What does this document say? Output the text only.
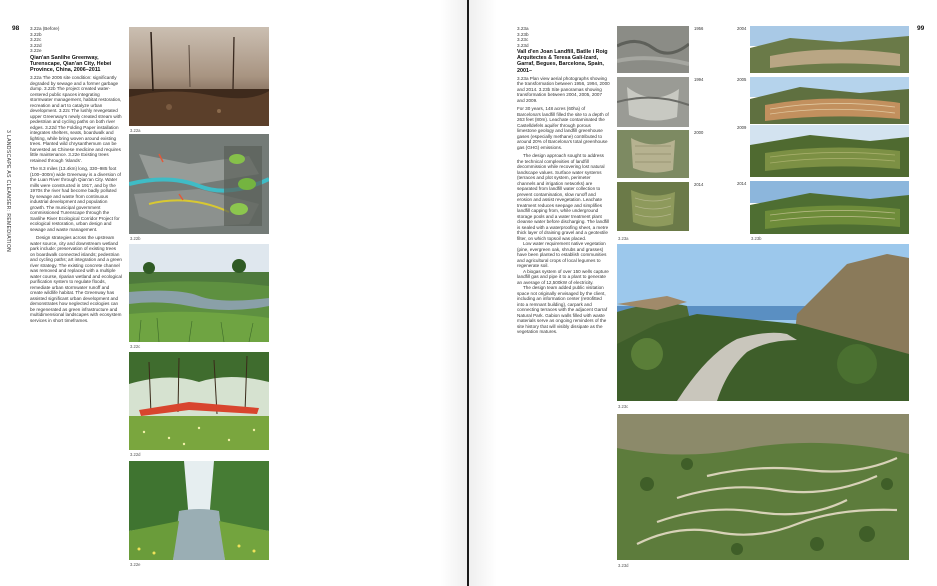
98
3 LANDSCAPE AS CLEANSER: REMEDIATION
3.22a (Before)
3.22b
3.22c
3.22d
3.22e
Qian'an Sanlihe Greenway, Turenscape, Qian'an City, Hebei Province, China, 2006–2011

3.22a The 2006 site condition: significantly degraded by sewage and a former garbage dump. 3.22b The project created water-centered public spaces integrating stormwater management, habitat restoration, recreation and art to catalyze urban development. 3.22c The lushly revegetated upper Greenway's newly created stream with pedestrian and cycling paths on both river edges. 3.22d The Folding Paper installation integrates shelters, seats, boardwalk and lighting, while bring woven around existing trees. Planted wild chrysanthemum can be harvested as Chinese medicine and requires little maintenance. 3.22e Existing trees retained through 'islands'.

The 8.3 miles (13.4km) long, 330–985 foot (100–300m) wide Greenway is a diversion of the Luan River through Qian'an City. Water mills were constructed in 1917, and by the 1970s the river had become badly polluted by sewage and waste from continuous industrial development and population growth. The municipal government commissioned Turenscape through the Sanlihe River Ecological Corridor Project for ecological restoration, urban design and sewage and waste management.

Design strategies across the upstream water source, city and downstream wetland park include: preservation of existing trees on boardwalk connected islands; pedestrian and cycling paths; art integration and a green river strategy. The existing concrete channel was removed and replaced with a multiple water course, riparian wetland and ecological purification system to regulate floods, remediate urban stormwater runoff and create wildlife habitat. The Greenway has assisted significant urban development and demonstrates how neglected ecologies can be regenerated as green infrastructure and multidimensional landscapes with ecosystem services in short timeframes.

3.22a
3.22b
3.22c
3.22d
3.22e
99
3.23a
3.23b
3.23c
3.23d
Vall d'en Joan Landfill, Batlle i Roig Arquitectes & Teresa Galí-Izard, Garraf, Begues, Barcelona, Spain, 2001–

3.23a Plan view aerial photographs showing the transformation between 1956, 1994, 2000 and 2014. 3.23b Site panoramas showing transformation between 2004, 2005, 2007 and 2009.

For 30 years, 148 acres (60ha) of Barcelona's landfill filled the site to a depth of 263 feet (80m). Leachate contaminated the Castelldefels aquifer through porous limestone geology and landfill greenhouse gases (especially methane) contributed to around 20% of Barcelona's total greenhouse gas (GHG) emissions.

The design approach sought to address the technical complexities of landfill decommission while recovering lost natural landscape values. Surface water systems (terraces and plot system, perimeter channels and irrigation networks) are separated from landfill water collection to prevent contamination, slow runoff and erosion and assist revegetation. Leachate treatment reduces seepage and simplifies landfill capping from, while underground storage pools and a water treatment plant cleanse water before discharging. The landfill is sealed with a waterproofing sheet, a metre thick layer of draining gravel and a geotextile filter, on which topsoil was placed.

Low water requirement native vegetation (pine, evergreen oak, shrubs and grasses) have been planted to establish communities and agricultural crops of local legumes to regenerate soil.

A biogas system of over 150 wells capture landfill gas and pipe it to a plant to generate an average of 12,500kW of electricity.

The design team added public visitation space not originally envisaged by the client, including an information center (retrofitted into a remnant building), carpark and connecting terraces with the adjacent Garraf Natural Park. Gabion walls filled with waste materials serve as ongoing reminders of the site history that will visibly dissipate as the vegetation matures.

1956
1994
2000
2014
3.23a
2004
2005
2009
2014
3.23b
3.23c
3.23d
